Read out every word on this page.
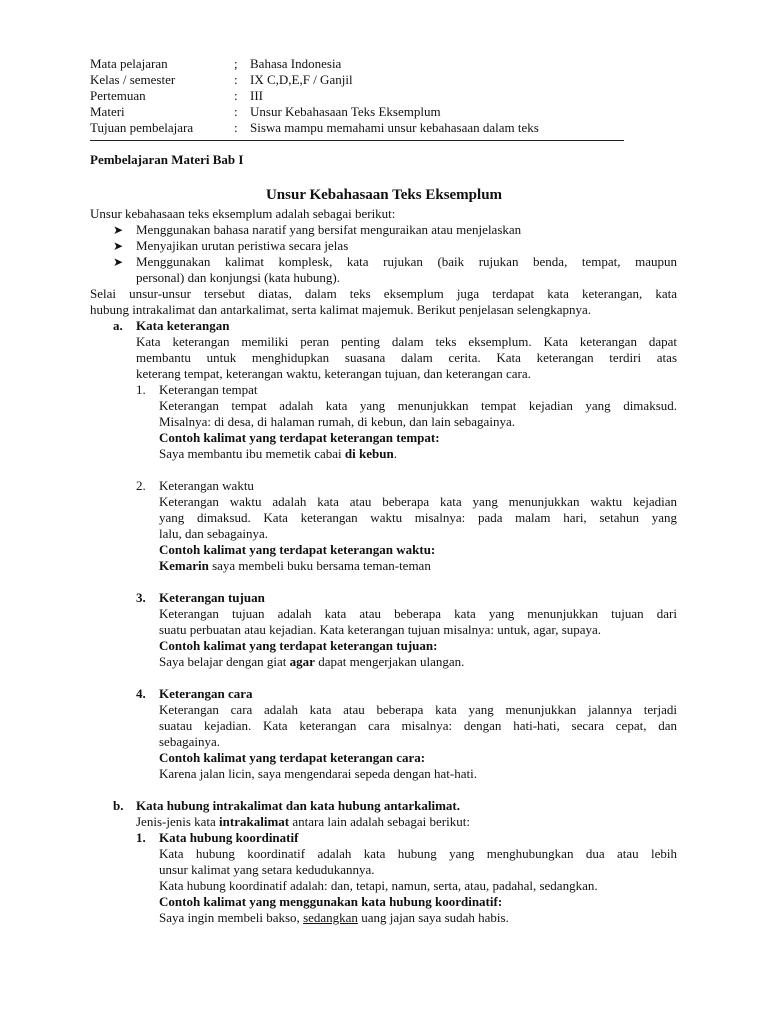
Mata pelajaran	; Bahasa Indonesia
Kelas / semester	: IX C,D,E,F / Ganjil
Pertemuan	: III
Materi	: Unsur Kebahasaan Teks Eksemplum
Tujuan pembelajara	: Siswa mampu memahami unsur kebahasaan dalam teks
Pembelajaran Materi Bab I
Unsur Kebahasaan Teks Eksemplum
Unsur kebahasaan teks eksemplum adalah sebagai berikut:
➤ Menggunakan bahasa naratif yang bersifat menguraikan atau menjelaskan
➤ Menyajikan urutan peristiwa secara jelas
➤ Menggunakan kalimat komplesk, kata rujukan (baik rujukan benda, tempat, maupun
personal) dan konjungsi (kata hubung).
Selai unsur-unsur tersebut diatas, dalam teks eksemplum juga terdapat kata keterangan, kata
hubung intrakalimat dan antarkalimat, serta kalimat majemuk. Berikut penjelasan selengkapnya.
a. Kata keterangan
Kata keterangan memiliki peran penting dalam teks eksemplum. Kata keterangan dapat
membantu untuk menghidupkan suasana dalam cerita. Kata keterangan terdiri atas
keterang tempat, keterangan waktu, keterangan tujuan, dan keterangan cara.
1. Keterangan tempat
Keterangan tempat adalah kata yang menunjukkan tempat kejadian yang dimaksud.
Misalnya: di desa, di halaman rumah, di kebun, dan lain sebagainya.
Contoh kalimat yang terdapat keterangan tempat:
Saya membantu ibu memetik cabai di kebun.
2. Keterangan waktu
Keterangan waktu adalah kata atau beberapa kata yang menunjukkan waktu kejadian
yang dimaksud. Kata keterangan waktu misalnya: pada malam hari, setahun yang
lalu, dan sebagainya.
Contoh kalimat yang terdapat keterangan waktu:
Kemarin saya membeli buku bersama teman-teman
3. Keterangan tujuan
Keterangan tujuan adalah kata atau beberapa kata yang menunjukkan tujuan dari
suatu perbuatan atau kejadian. Kata keterangan tujuan misalnya: untuk, agar, supaya.
Contoh kalimat yang terdapat keterangan tujuan:
Saya belajar dengan giat agar dapat mengerjakan ulangan.
4. Keterangan cara
Keterangan cara adalah kata atau beberapa kata yang menunjukkan jalannya terjadi
suatau kejadian. Kata keterangan cara misalnya: dengan hati-hati, secara cepat, dan
sebagainya.
Contoh kalimat yang terdapat keterangan cara:
Karena jalan licin, saya mengendarai sepeda dengan hat-hati.
b. Kata hubung intrakalimat dan kata hubung antarkalimat.
Jenis-jenis kata intrakalimat antara lain adalah sebagai berikut:
1. Kata hubung koordinatif
Kata hubung koordinatif adalah kata hubung yang menghubungkan dua atau lebih
unsur kalimat yang setara kedudukannya.
Kata hubung koordinatif adalah: dan, tetapi, namun, serta, atau, padahal, sedangkan.
Contoh kalimat yang menggunakan kata hubung koordinatif:
Saya ingin membeli bakso, sedangkan uang jajan saya sudah habis.
